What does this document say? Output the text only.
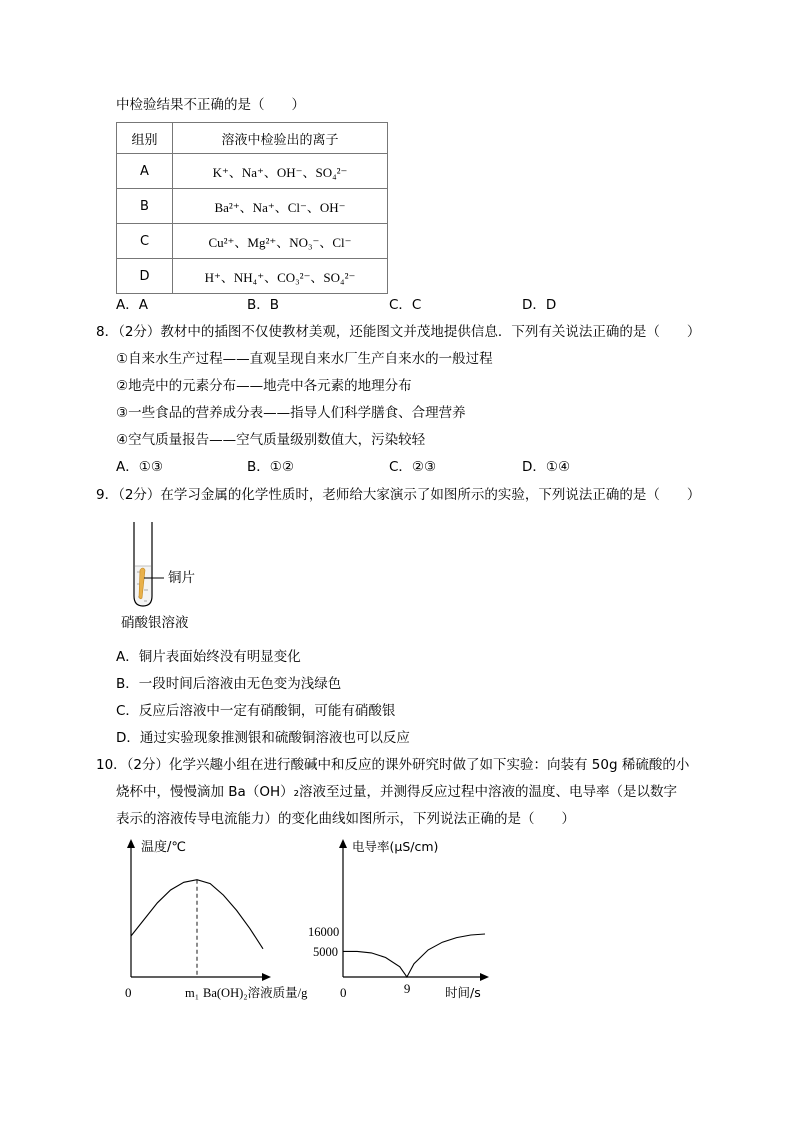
中检验结果不正确的是（　　）
组别	溶液中检验出的离子
A	K⁺、Na⁺、OH⁻、SO₄²⁻
B	Ba²⁺、Na⁺、Cl⁻、OH⁻
C	Cu²⁺、Mg²⁺、NO₃⁻、Cl⁻
D	H⁺、NH₄⁺、CO₃²⁻、SO₄²⁻
A．A	B．B	C．C	D．D
8．（2分）教材中的插图不仅使教材美观，还能图文并茂地提供信息．下列有关说法正确的是（　　）
①自来水生产过程——直观呈现自来水厂生产自来水的一般过程
②地壳中的元素分布——地壳中各元素的地理分布
③一些食品的营养成分表——指导人们科学膳食、合理营养
④空气质量报告——空气质量级别数值大，污染较轻
A．①③	B．①②	C．②③	D．①④
9．（2分）在学习金属的化学性质时，老师给大家演示了如图所示的实验，下列说法正确的是（　　）
铜片
硝酸银溶液
A．铜片表面始终没有明显变化
B．一段时间后溶液由无色变为浅绿色
C．反应后溶液中一定有硝酸铜，可能有硝酸银
D．通过实验现象推测银和硫酸铜溶液也可以反应
10．（2分）化学兴趣小组在进行酸碱中和反应的课外研究时做了如下实验：向装有 50g 稀硫酸的小
烧杯中，慢慢滴加 Ba（OH）₂溶液至过量，并测得反应过程中溶液的温度、电导率（是以数字
表示的溶液传导电流能力）的变化曲线如图所示，下列说法正确的是（　　）
温度/℃
0	m₁ Ba(OH)₂溶液质量/g
电导率(μS/cm)
16000
5000
0	9	时间/s
